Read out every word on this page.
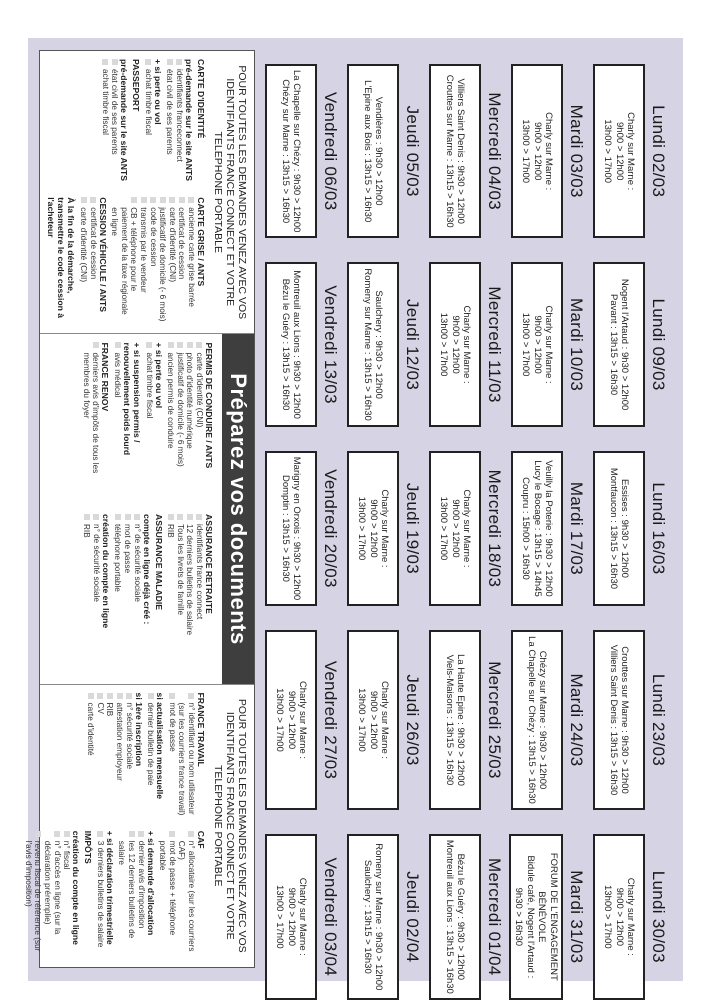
Lundi 02/03
Charly sur Marne :
9h00 > 12h00
13h00 > 17h00
Mardi 03/03
Charly sur Marne :
9h00 > 12h00
13h00 > 17h00
Mercredi 04/03
Villiers Saint Denis : 9h30 > 12h00
Crouttes sur Marne : 13h15 > 16h30
Jeudi 05/03
Vendières : 9h30 > 12h00
L'Epine aux Bois : 13h15 > 16h30
Vendredi 06/03
La Chapelle sur Chézy : 9h30 > 12h00
Chézy sur Marne : 13h15 > 16h30
Lundi 09/03
Nogent l'Artaud : 9h30 > 12h00
Pavant : 13h15 > 16h30
Mardi 10/03
Charly sur Marne :
9h00 > 12h00
13h00 > 17h00
Mercredi 11/03
Charly sur Marne :
9h00 > 12h00
13h00 > 17h00
Jeudi 12/03
Saulchery : 9h30 > 12h00
Romeny sur Marne : 13h15 > 16h30
Vendredi 13/03
Montreuil aux Lions : 9h30 > 12h00
Bézu le Guéry : 13h15 > 16h30
Lundi 16/03
Essises : 9h30 > 12h00
Montfaucon : 13h15 > 16h30
Mardi 17/03
Veuilly la Poterie : 9h30 > 12h00
Lucy le Bocage : 13h15 > 14h45
Coupru : 15h00 > 16h30
Mercredi 18/03
Charly sur Marne :
9h00 > 12h00
13h00 > 17h00
Jeudi 19/03
Charly sur Marne :
9h00 > 12h00
13h00 > 17h00
Vendredi 20/03
Marigny en Orxois : 9h30 > 12h00
Domptin : 13h15 > 16h30
Lundi 23/03
Crouttes sur Marne : 9h30 > 12h00
Villiers Saint Denis : 13h15 > 16h30
Mardi 24/03
Chézy sur Marne : 9h30 > 12h00
La Chapelle sur Chézy : 13h15 > 16h30
Mercredi 25/03
La Haute Epine : 9h30 > 12h00
Viels-Maisons : 13h15 > 16h30
Jeudi 26/03
Charly sur Marne :
9h00 > 12h00
13h00 > 17h00
Vendredi 27/03
Charly sur Marne :
9h00 > 12h00
13h00 > 17h00
Lundi 30/03
Charly sur Marne :
9h00 > 12h00
13h00 > 17h00
Mardi 31/03
FORUM DE L'ENGAGEMENT
BÉNÉVOLE
Bidule café, Nogent l'Artaud :
9h30 > 16h30
Mercredi 01/04
Bézu le Guéry : 9h30 > 12h00
Montreuil aux Lions : 13h15 > 16h30
Jeudi 02/04
Romeny sur Marne : 9h30 > 12h00
Saulchery : 13h15 > 16h30
Vendredi 03/04
Charly sur Marne :
9h00 > 12h00
13h00 > 17h00
POUR TOUTES LES DEMANDES VENEZ AVEC VOS IDENTIFIANTS FRANCE CONNECT ET VOTRE TELEPHONE PORTABLE
CARTE D'IDENTITÉ
pré-demande sur le site ANTS
identifiants franceconnect
état civil de ses parents
+ si perte ou vol
achat timbre fiscal
PASSEPORT
pré-demande sur le site ANTS
état civil de ses parents
achat timbre fiscal
CARTE GRISE / ANTS
ancienne carte grise barrée
certificat de cession
carte d'identité (CNI)
justificatif de domicile (- 6 mois)
code de cession
transmis par le vendeur
CB + téléphone pour le paiement de la taxe régionale en ligne
CESSION VÉHICULE / ANTS
certificat de cession
carte d'identité (CNI)
À la fin de la démarche, transmettre le code cession à l'acheteur
Préparez vos documents
PERMIS DE CONDUIRE / ANTS
carte d'identité (CNI)
photo d'identité numérique
justificatif de domicile (- 6 mois)
ancien permis de conduire
+ si perte ou vol
achat timbre fiscal
+ si suspension permis / renouvellement poids lourd
avis médical
FRANCE RENOV
derniers avis d'impôts de tous les membres du foyer
ASSURANCE RETRAITE
identifiants france connect
12 derniers bulletins de salaire
Tous les livrets de famille
RIB
ASSURANCE MALADIE
compte en ligne déjà créé :
n° de sécurité sociale
mot de passe
téléphone portable
création du compte en ligne
n° de sécurité sociale
RIB
POUR TOUTES LES DEMANDES VENEZ AVEC VOS IDENTIFIANTS FRANCE CONNECT ET VOTRE TELEPHONE PORTABLE
FRANCE TRAVAIL
n° identifiant ou nom utilisateur (sur les courriers france travail)
mot de passe
si actualisation mensuelle
dernier bulletin de paie
si 1ère inscription
n° sécurité sociale
attestation employeur
RIB
CV
carte d'identité
CAF
n° allocataire (sur les courriers CAF)
mot de passe + téléphone portable
+ si demande d'allocation
dernier avis d'imposition
les 12 derniers bulletins de salaire
+ si déclaration trimestrielle
3 derniers bulletins de salaire
IMPÔTS
création du compte en ligne
n° fiscal
n° d'accès en ligne (sur la déclaration préremplie)
revenu fiscal de référence (sur l'avis d'imposition)
